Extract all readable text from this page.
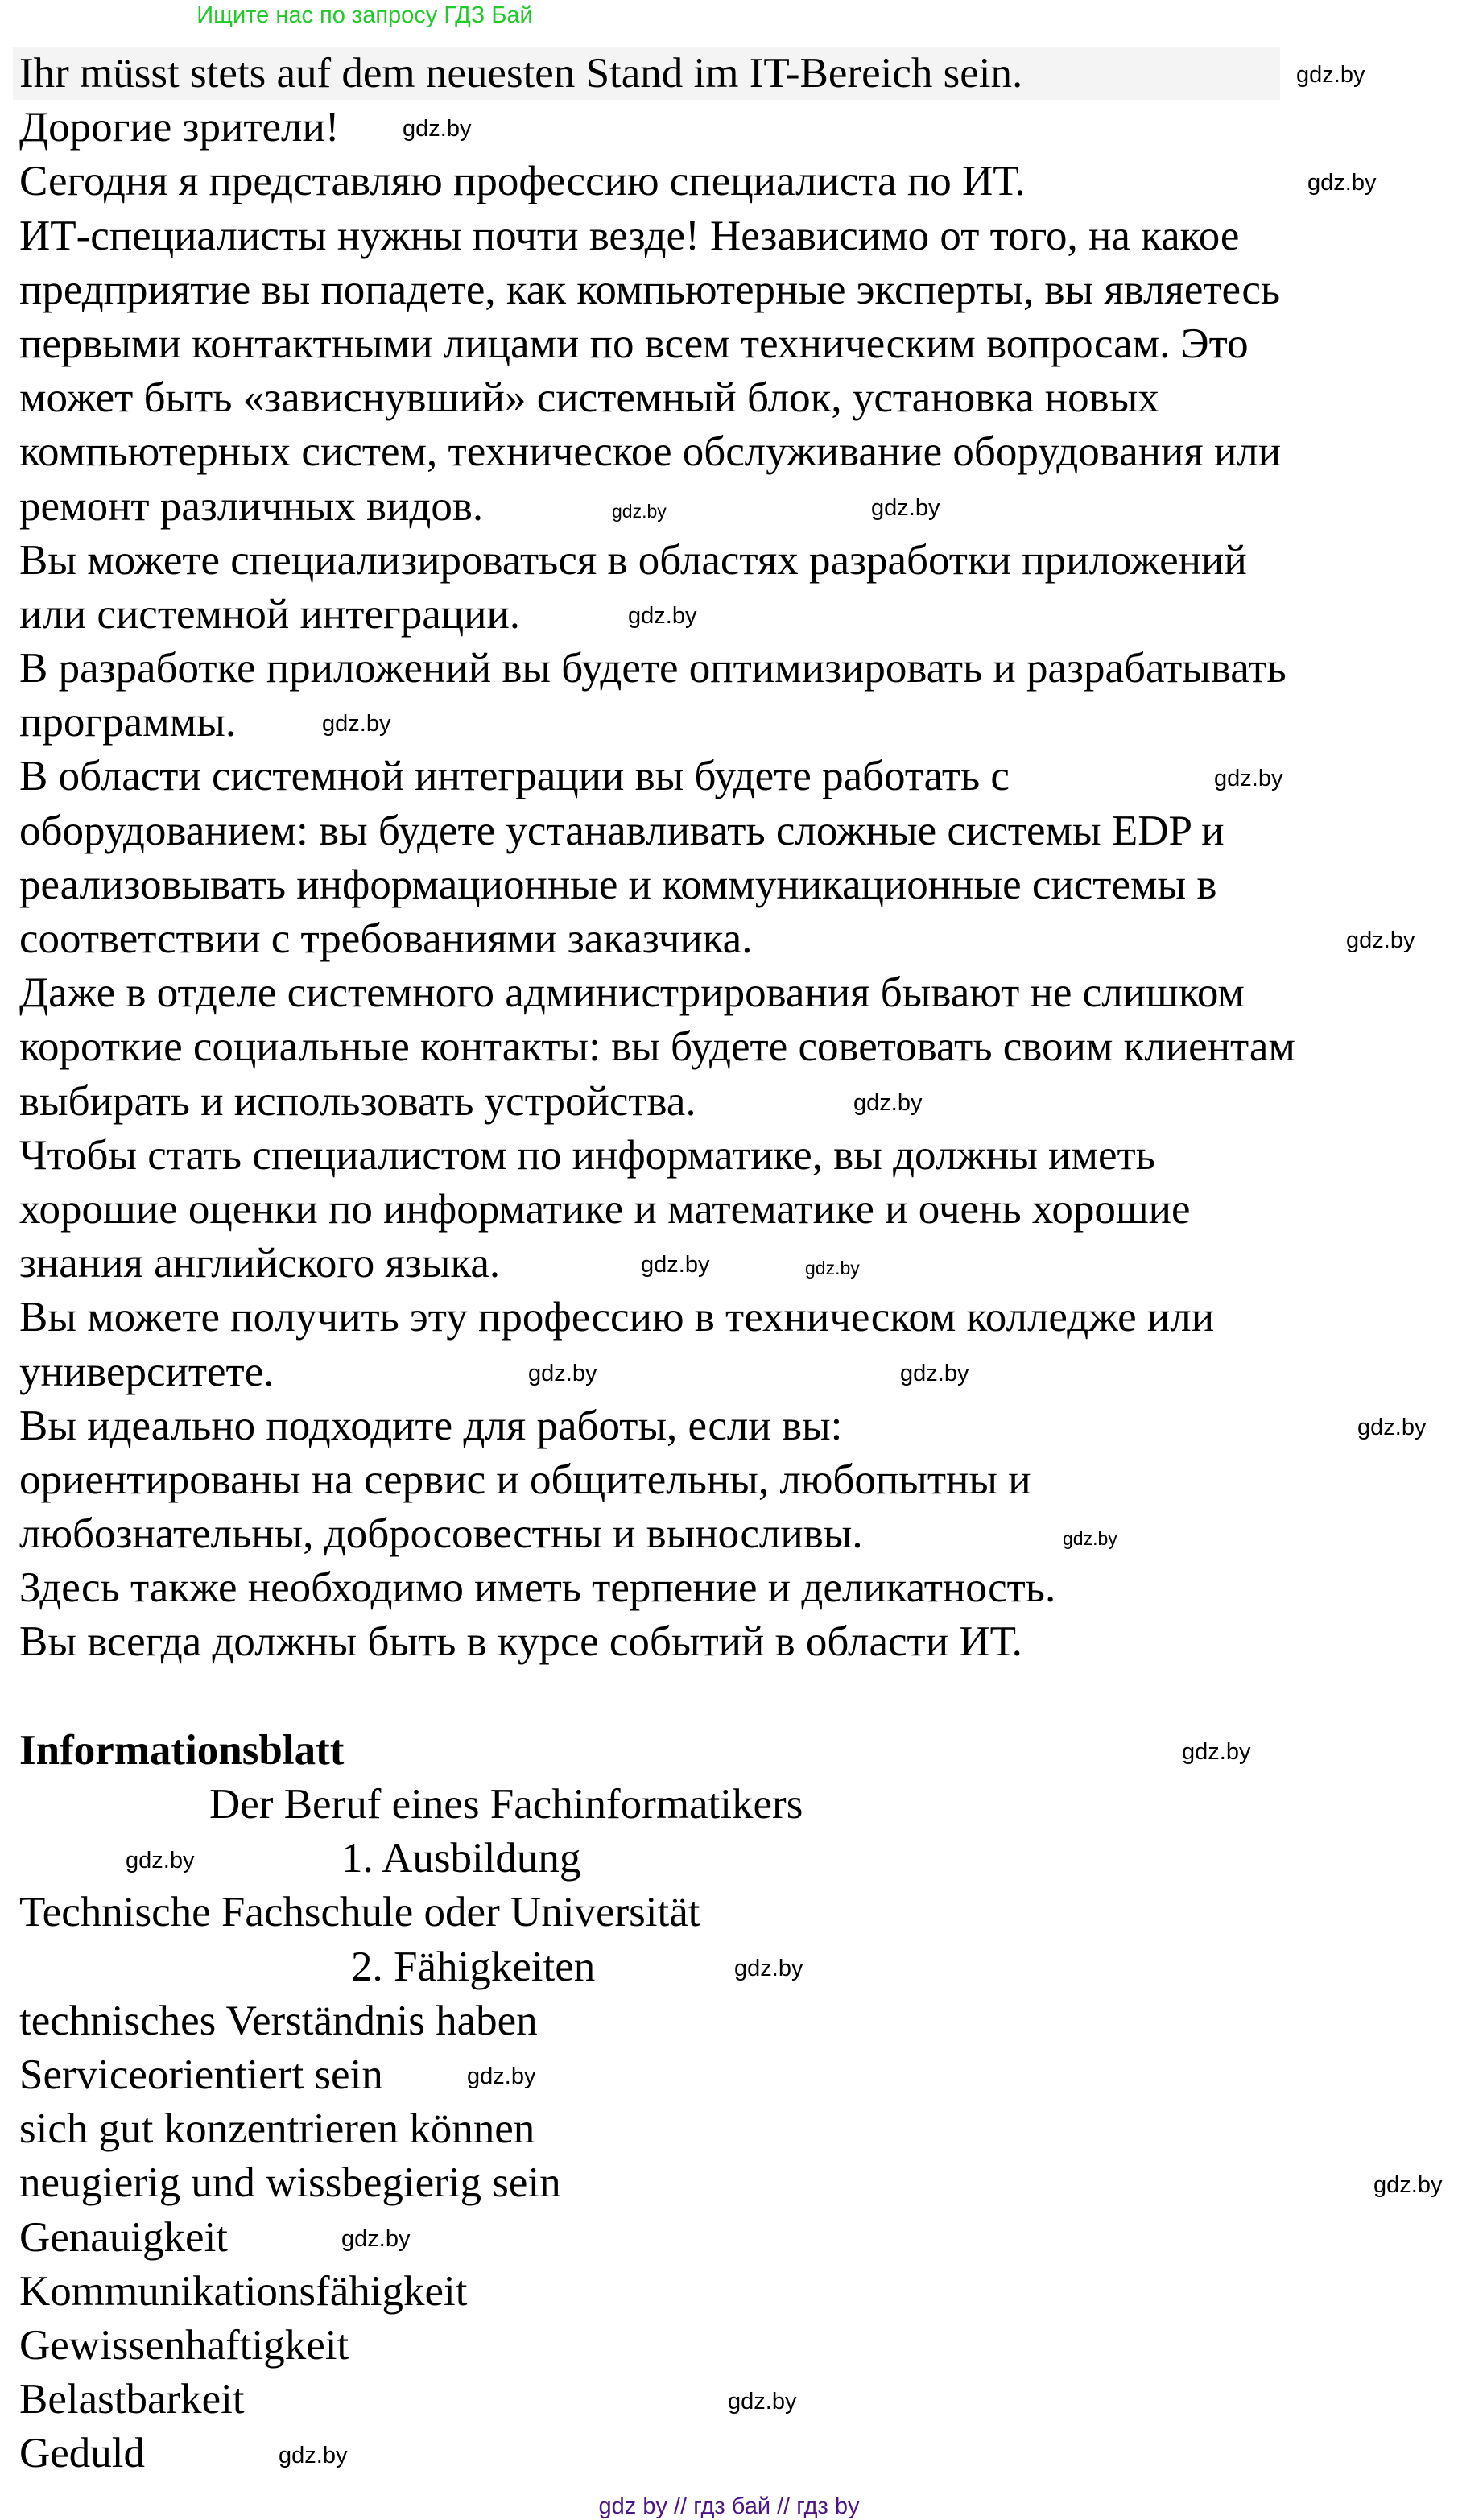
Ищите нас по запросу ГДЗ Бай
Ihr müsst stets auf dem neuesten Stand im IT-Bereich sein.
Дорогие зрители!
Сегодня я представляю профессию специалиста по ИТ.
ИТ-специалисты нужны почти везде! Независимо от того, на какое
предприятие вы попадете, как компьютерные эксперты, вы являетесь
первыми контактными лицами по всем техническим вопросам. Это
может быть «зависнувший» системный блок, установка новых
компьютерных систем, техническое обслуживание оборудования или
ремонт различных видов.
Вы можете специализироваться в областях разработки приложений
или системной интеграции.
В разработке приложений вы будете оптимизировать и разрабатывать
программы.
В области системной интеграции вы будете работать с
оборудованием: вы будете устанавливать сложные системы EDP и
реализовывать информационные и коммуникационные системы в
соответствии с требованиями заказчика.
Даже в отделе системного администрирования бывают не слишком
короткие социальные контакты: вы будете советовать своим клиентам
выбирать и использовать устройства.
Чтобы стать специалистом по информатике, вы должны иметь
хорошие оценки по информатике и математике и очень хорошие
знания английского языка.
Вы можете получить эту профессию в техническом колледже или
университете.
Вы идеально подходите для работы, если вы:
ориентированы на сервис и общительны, любопытны и
любознательны, добросовестны и выносливы.
Здесь также необходимо иметь терпение и деликатность.
Вы всегда должны быть в курсе событий в области ИТ.
Informationsblatt
Der Beruf eines Fachinformatikers
1. Ausbildung
Technische Fachschule oder Universität
2. Fähigkeiten
technisches Verständnis haben
Serviceorientiert sein
sich gut konzentrieren können
neugierig und wissbegierig sein
Genauigkeit
Kommunikationsfähigkeit
Gewissenhaftigkeit
Belastbarkeit
Geduld
gdz.by
gdz.by
gdz.by
gdz.by	gdz.by
gdz.by
gdz.by
gdz.by
gdz.by
gdz.by
gdz.by
gdz.by
gdz.by
gdz.by
gdz.by
gdz.by
gdz.by
gdz.by
gdz.by
gdz.by
gdz.by
gdz.by
gdz.by
gdz.by
gdz by // гдз бай // гдз by
